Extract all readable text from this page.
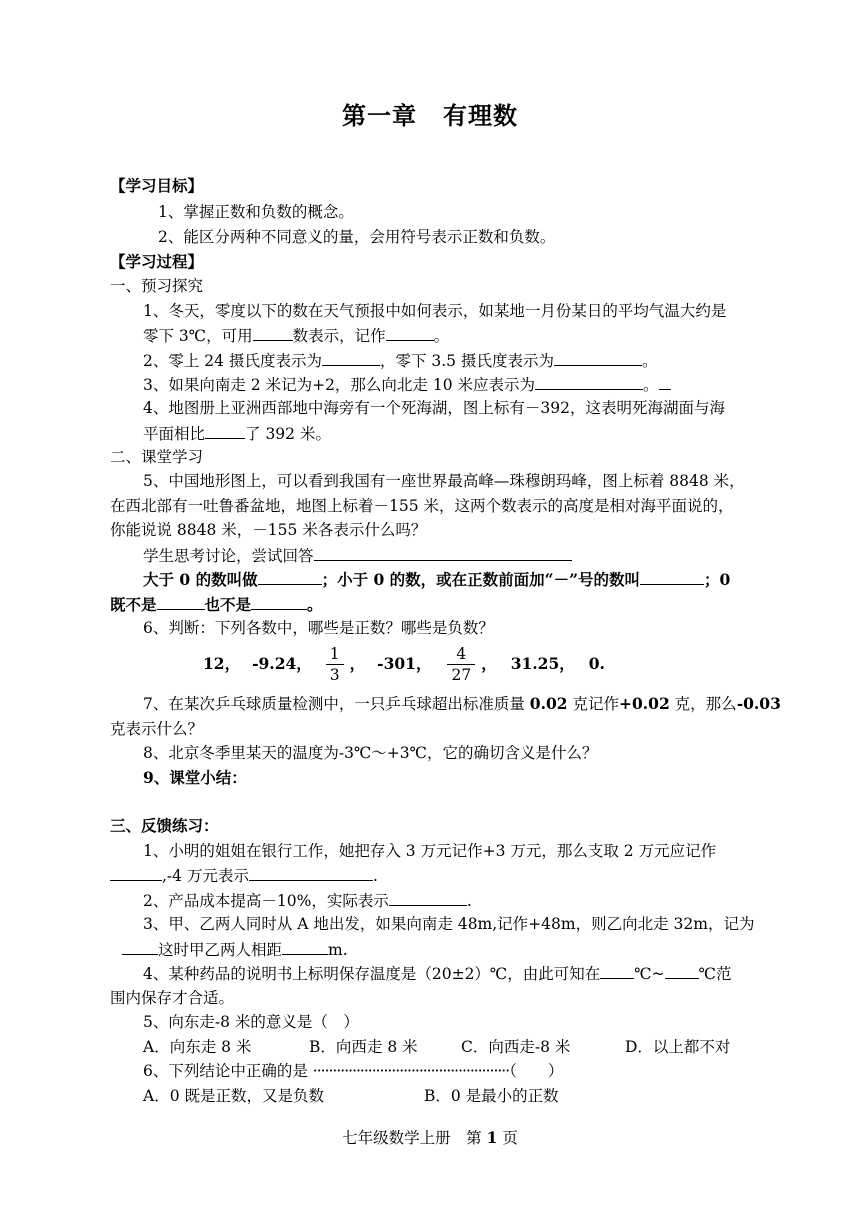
第一章 有理数
【学习目标】
1、掌握正数和负数的概念。
2、能区分两种不同意义的量，会用符号表示正数和负数。
【学习过程】
一、预习探究
1、冬天，零度以下的数在天气预报中如何表示，如某地一月份某日的平均气温大约是
零下 3℃，可用	数表示，记作	。
2、零上 24 摄氏度表示为	，零下 3.5 摄氏度表示为	。
3、如果向南走 2 米记为+2，那么向北走 10 米应表示为	。
4、地图册上亚洲西部地中海旁有一个死海湖，图上标有－392，这表明死海湖面与海
平面相比	了 392 米。
二、课堂学习
5、中国地形图上，可以看到我国有一座世界最高峰—珠穆朗玛峰，图上标着 8848 米，
在西北部有一吐鲁番盆地，地图上标着－155 米，这两个数表示的高度是相对海平面说的，
你能说说 8848 米，－155 米各表示什么吗？
学生思考讨论，尝试回答
大于 0 的数叫做	；小于 0 的数，或在正数前面加“－”号的数叫	；0
既不是	也不是	。
6、判断：下列各数中，哪些是正数？哪些是负数？
12， -9.24， $\frac{1}{3}$ ， -301， $\frac{4}{27}$ ， 31.25， 0.
7、在某次乒乓球质量检测中，一只乒乓球超出标准质量 0.02 克记作+0.02 克，那么-0.03
克表示什么？
8、北京冬季里某天的温度为-3℃～+3℃，它的确切含义是什么？
9、课堂小结：
三、反馈练习：
1、小明的姐姐在银行工作，她把存入 3 万元记作+3 万元，那么支取 2 万元应记作
,-4 万元表示	.
2、产品成本提高－10%，实际表示	.
3、甲、乙两人同时从 A 地出发，如果向南走 48m,记作+48m，则乙向北走 32m，记为
这时甲乙两人相距	m.
4、某种药品的说明书上标明保存温度是（20±2）℃，由此可知在 ℃~ ℃范
围内保存才合适。
5、向东走-8 米的意义是（　）
A．向东走 8 米	B．向西走 8 米	C．向西走-8 米	D．以上都不对
6、下列结论中正确的是 ··················································（　　）
A．0 既是正数，又是负数	B．0 是最小的正数
七年级数学上册　第 1 页
